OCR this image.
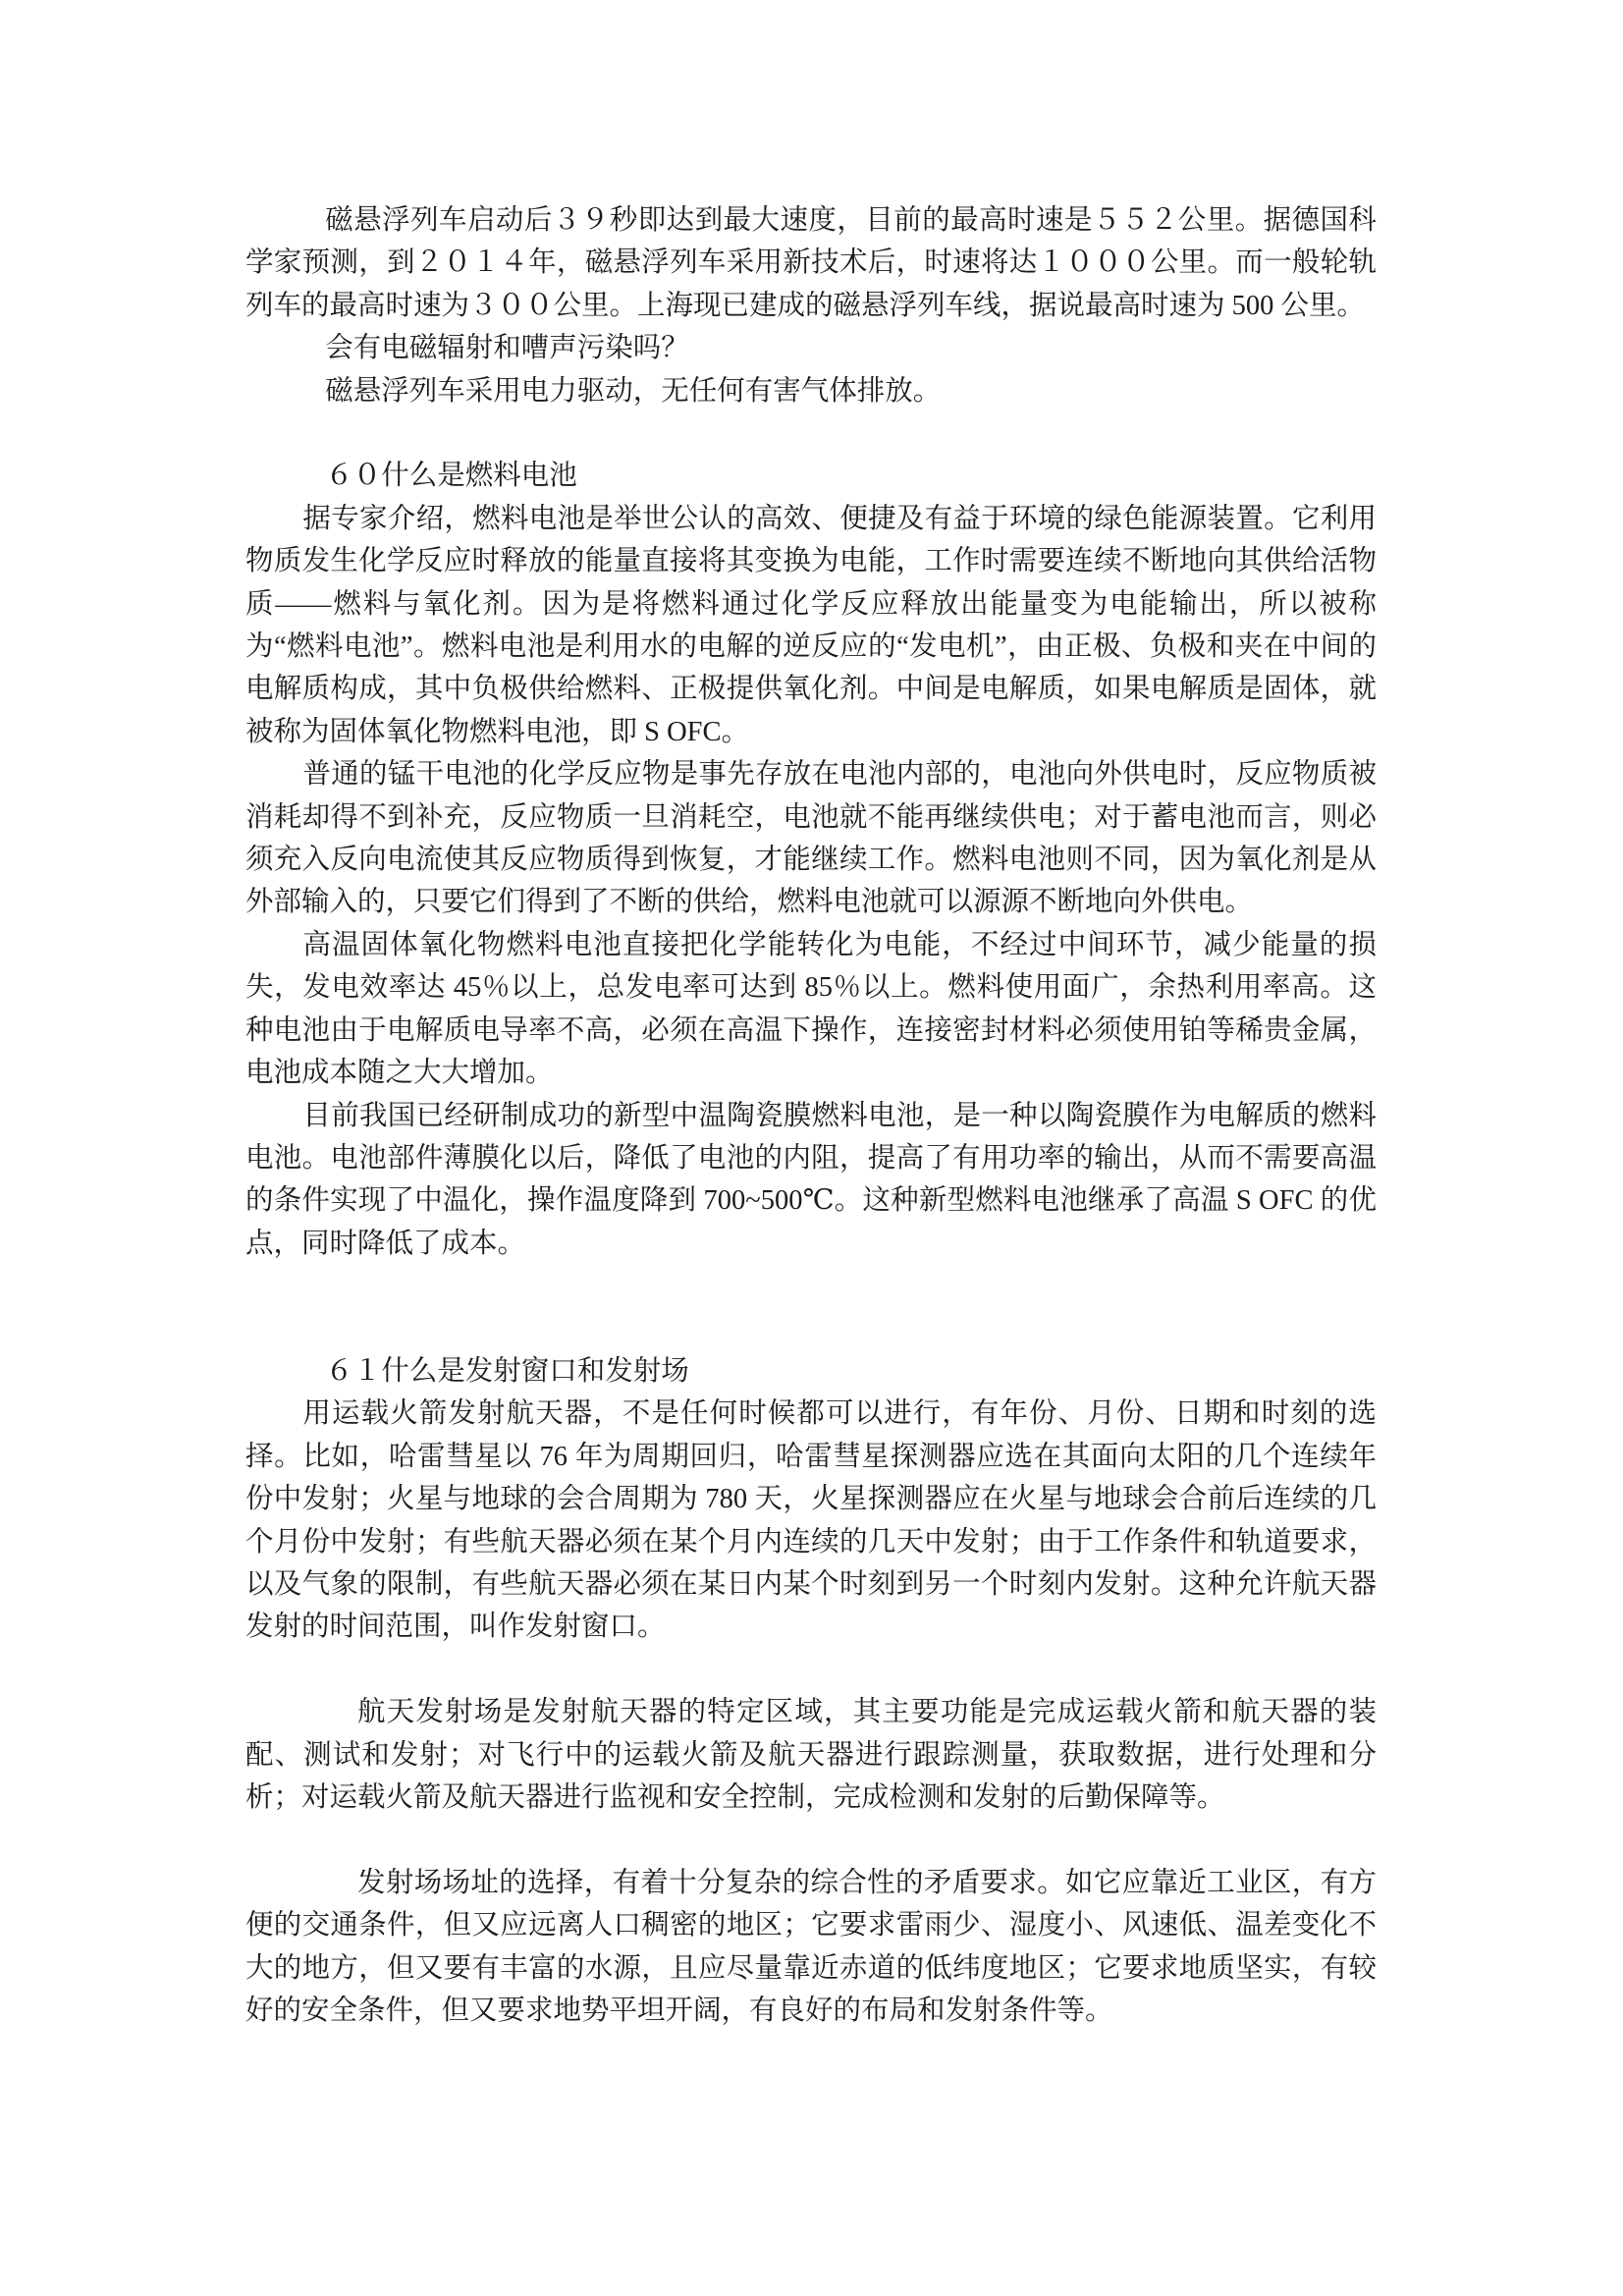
磁悬浮列车启动后３９秒即达到最大速度，目前的最高时速是５５２公里。据德国科学家预测，到２０１４年，磁悬浮列车采用新技术后，时速将达１０００公里。而一般轮轨列车的最高时速为３００公里。上海现已建成的磁悬浮列车线，据说最高时速为 500 公里。

会有电磁辐射和嘈声污染吗？

磁悬浮列车采用电力驱动，无任何有害气体排放。

６０什么是燃料电池

据专家介绍，燃料电池是举世公认的高效、便捷及有益于环境的绿色能源装置。它利用物质发生化学反应时释放的能量直接将其变换为电能，工作时需要连续不断地向其供给活物质——燃料与氧化剂。因为是将燃料通过化学反应释放出能量变为电能输出，所以被称为“燃料电池”。燃料电池是利用水的电解的逆反应的“发电机”，由正极、负极和夹在中间的电解质构成，其中负极供给燃料、正极提供氧化剂。中间是电解质，如果电解质是固体，就被称为固体氧化物燃料电池，即 S OFC。

普通的锰干电池的化学反应物是事先存放在电池内部的，电池向外供电时，反应物质被消耗却得不到补充，反应物质一旦消耗空，电池就不能再继续供电；对于蓄电池而言，则必须充入反向电流使其反应物质得到恢复，才能继续工作。燃料电池则不同，因为氧化剂是从外部输入的，只要它们得到了不断的供给，燃料电池就可以源源不断地向外供电。

高温固体氧化物燃料电池直接把化学能转化为电能，不经过中间环节，减少能量的损失，发电效率达 45％以上，总发电率可达到 85％以上。燃料使用面广，余热利用率高。这种电池由于电解质电导率不高，必须在高温下操作，连接密封材料必须使用铂等稀贵金属，电池成本随之大大增加。

目前我国已经研制成功的新型中温陶瓷膜燃料电池，是一种以陶瓷膜作为电解质的燃料电池。电池部件薄膜化以后，降低了电池的内阻，提高了有用功率的输出，从而不需要高温的条件实现了中温化，操作温度降到 700~500℃。这种新型燃料电池继承了高温 S OFC 的优点，同时降低了成本。

６１什么是发射窗口和发射场

用运载火箭发射航天器，不是任何时候都可以进行，有年份、月份、日期和时刻的选择。比如，哈雷彗星以 76 年为周期回归，哈雷彗星探测器应选在其面向太阳的几个连续年份中发射；火星与地球的会合周期为 780 天，火星探测器应在火星与地球会合前后连续的几个月份中发射；有些航天器必须在某个月内连续的几天中发射；由于工作条件和轨道要求，以及气象的限制，有些航天器必须在某日内某个时刻到另一个时刻内发射。这种允许航天器发射的时间范围，叫作发射窗口。

航天发射场是发射航天器的特定区域，其主要功能是完成运载火箭和航天器的装配、测试和发射；对飞行中的运载火箭及航天器进行跟踪测量，获取数据，进行处理和分析；对运载火箭及航天器进行监视和安全控制，完成检测和发射的后勤保障等。

发射场场址的选择，有着十分复杂的综合性的矛盾要求。如它应靠近工业区，有方便的交通条件，但又应远离人口稠密的地区；它要求雷雨少、湿度小、风速低、温差变化不大的地方，但又要有丰富的水源，且应尽量靠近赤道的低纬度地区；它要求地质坚实，有较好的安全条件，但又要求地势平坦开阔，有良好的布局和发射条件等。
